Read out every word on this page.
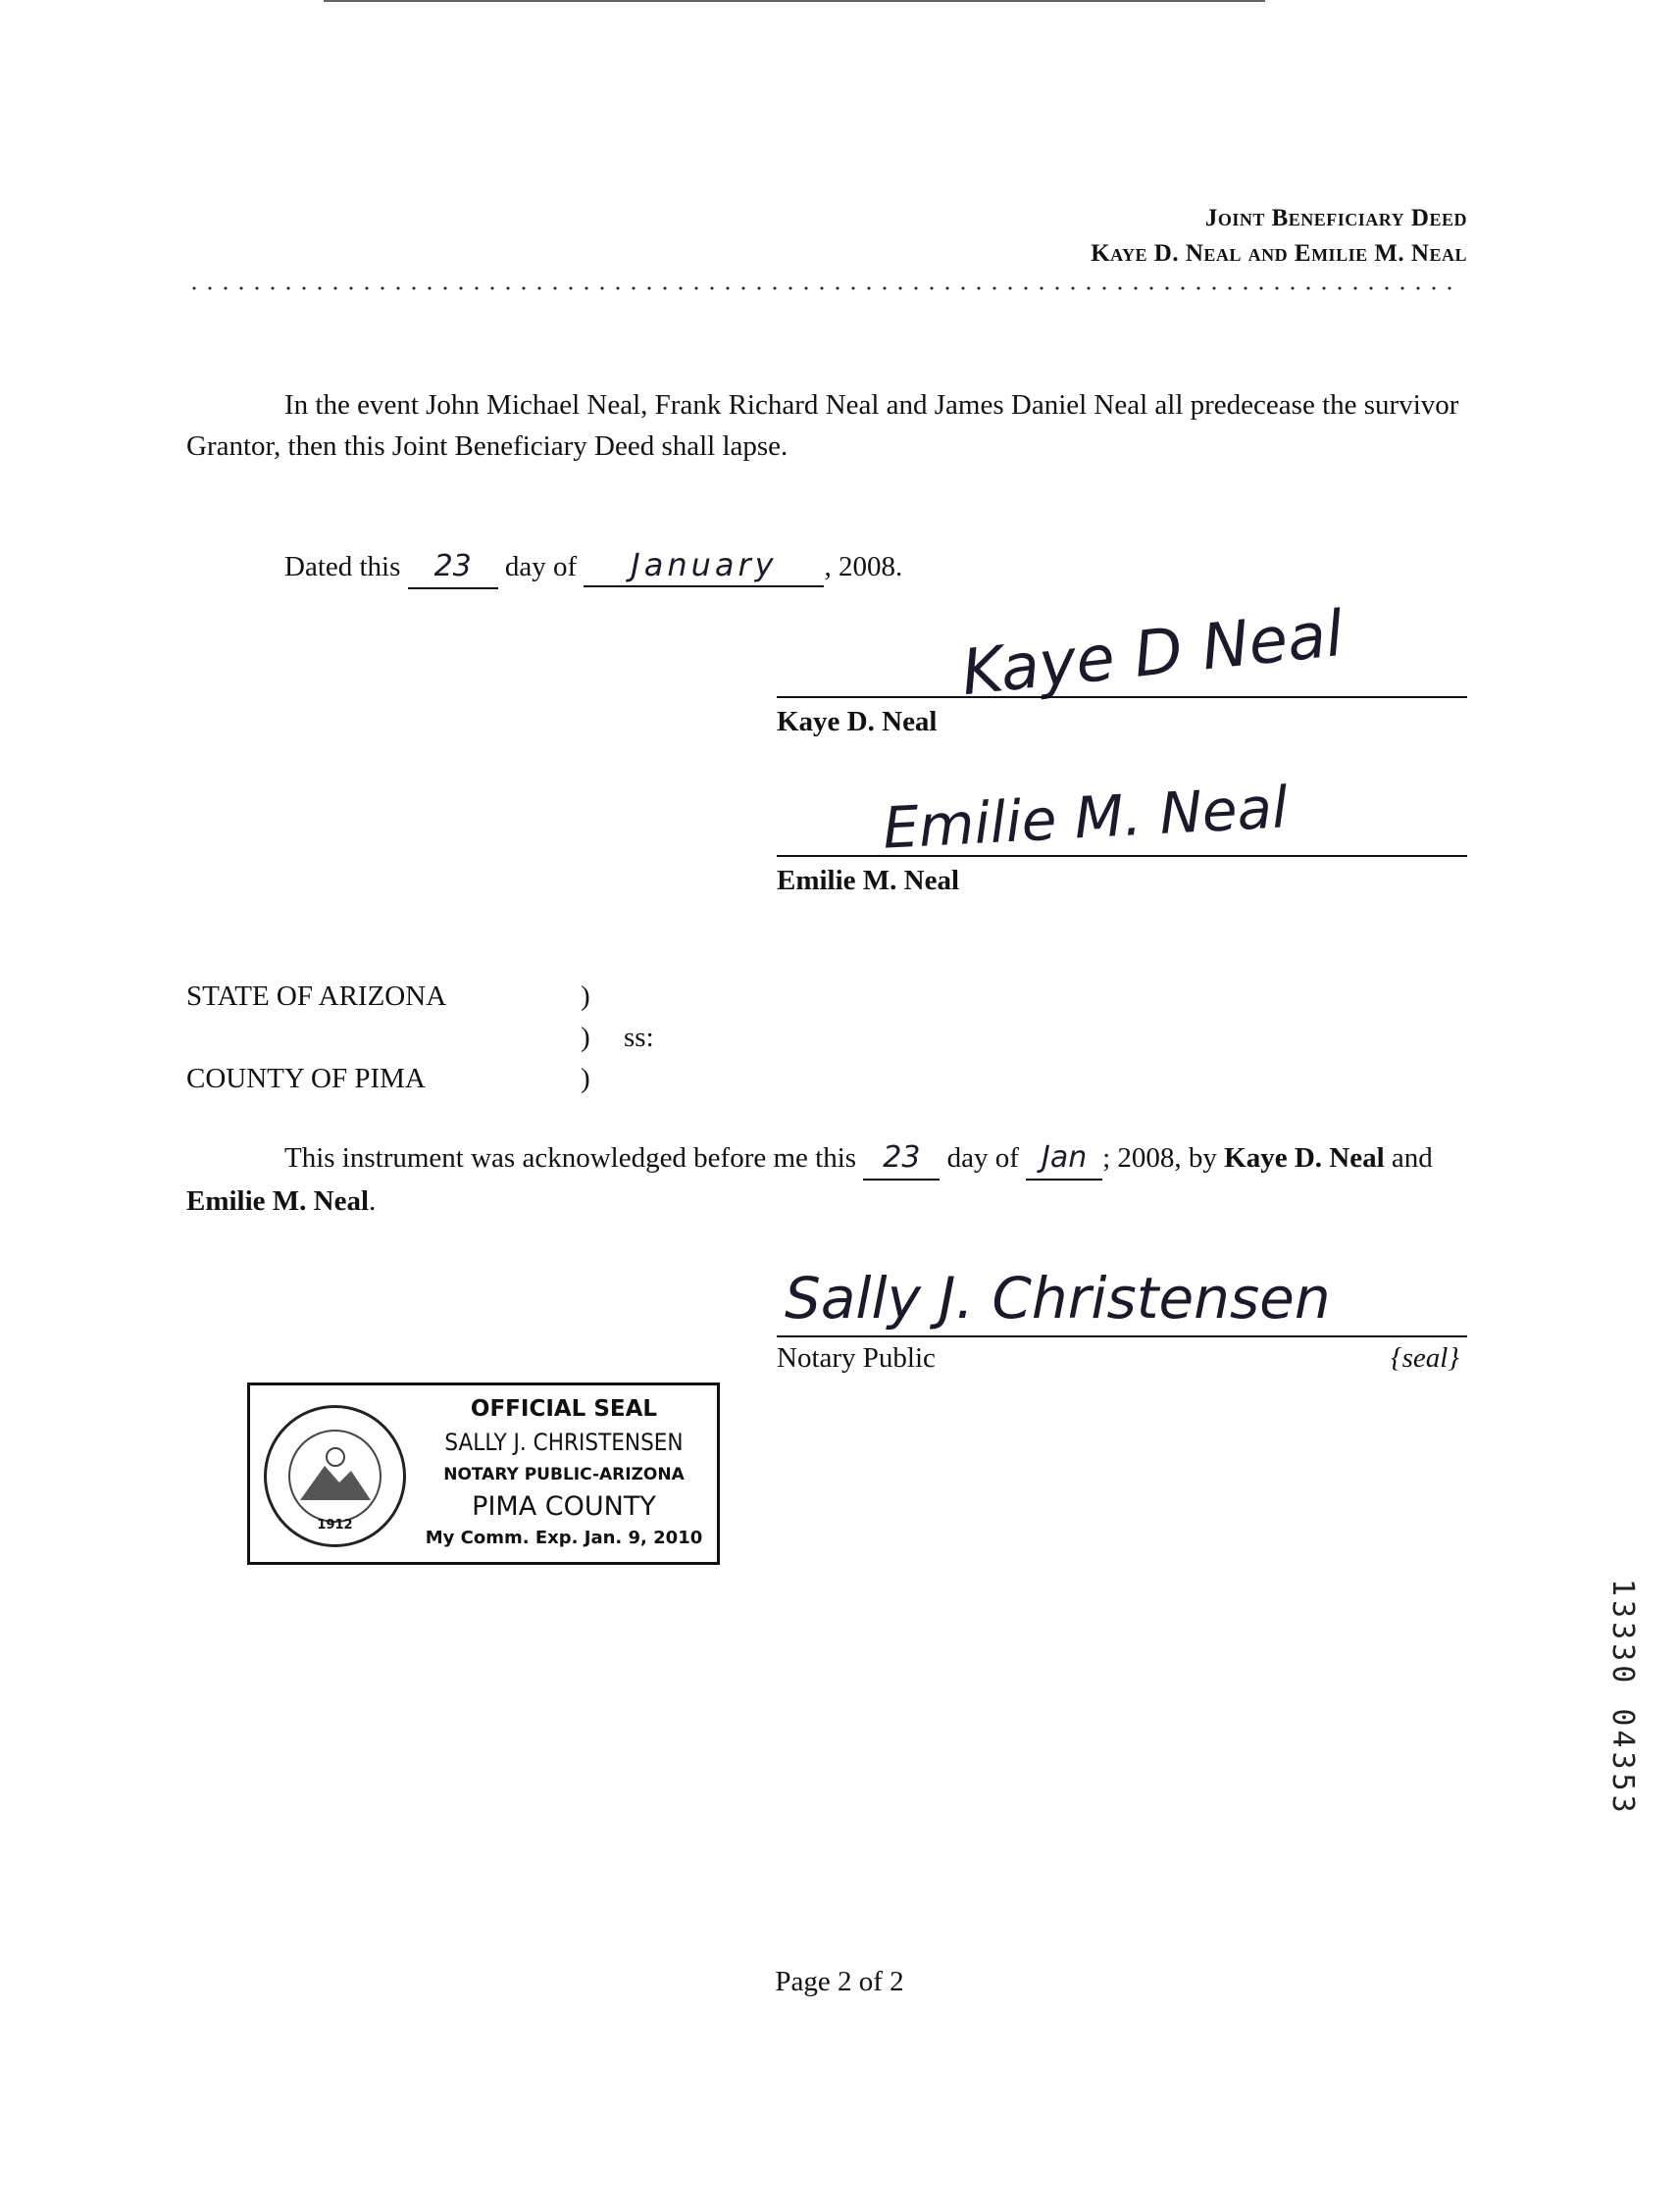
Joint Beneficiary Deed
Kaye D. Neal and Emilie M. Neal
In the event John Michael Neal, Frank Richard Neal and James Daniel Neal all predecease the survivor Grantor, then this Joint Beneficiary Deed shall lapse.
Dated this 23 day of January , 2008.
Kaye D Neal
Kaye D. Neal
Emilie M. Neal
Emilie M. Neal
STATE OF ARIZONA	)
) ss:
COUNTY OF PIMA	)
This instrument was acknowledged before me this 23 day of Jan ; 2008, by Kaye D. Neal and Emilie M. Neal.
Sally J. Christensen
Notary Public	{seal}
1912
OFFICIAL SEAL
SALLY J. CHRISTENSEN
NOTARY PUBLIC-ARIZONA
PIMA COUNTY
My Comm. Exp. Jan. 9, 2010
13330 04353
Page 2 of 2
